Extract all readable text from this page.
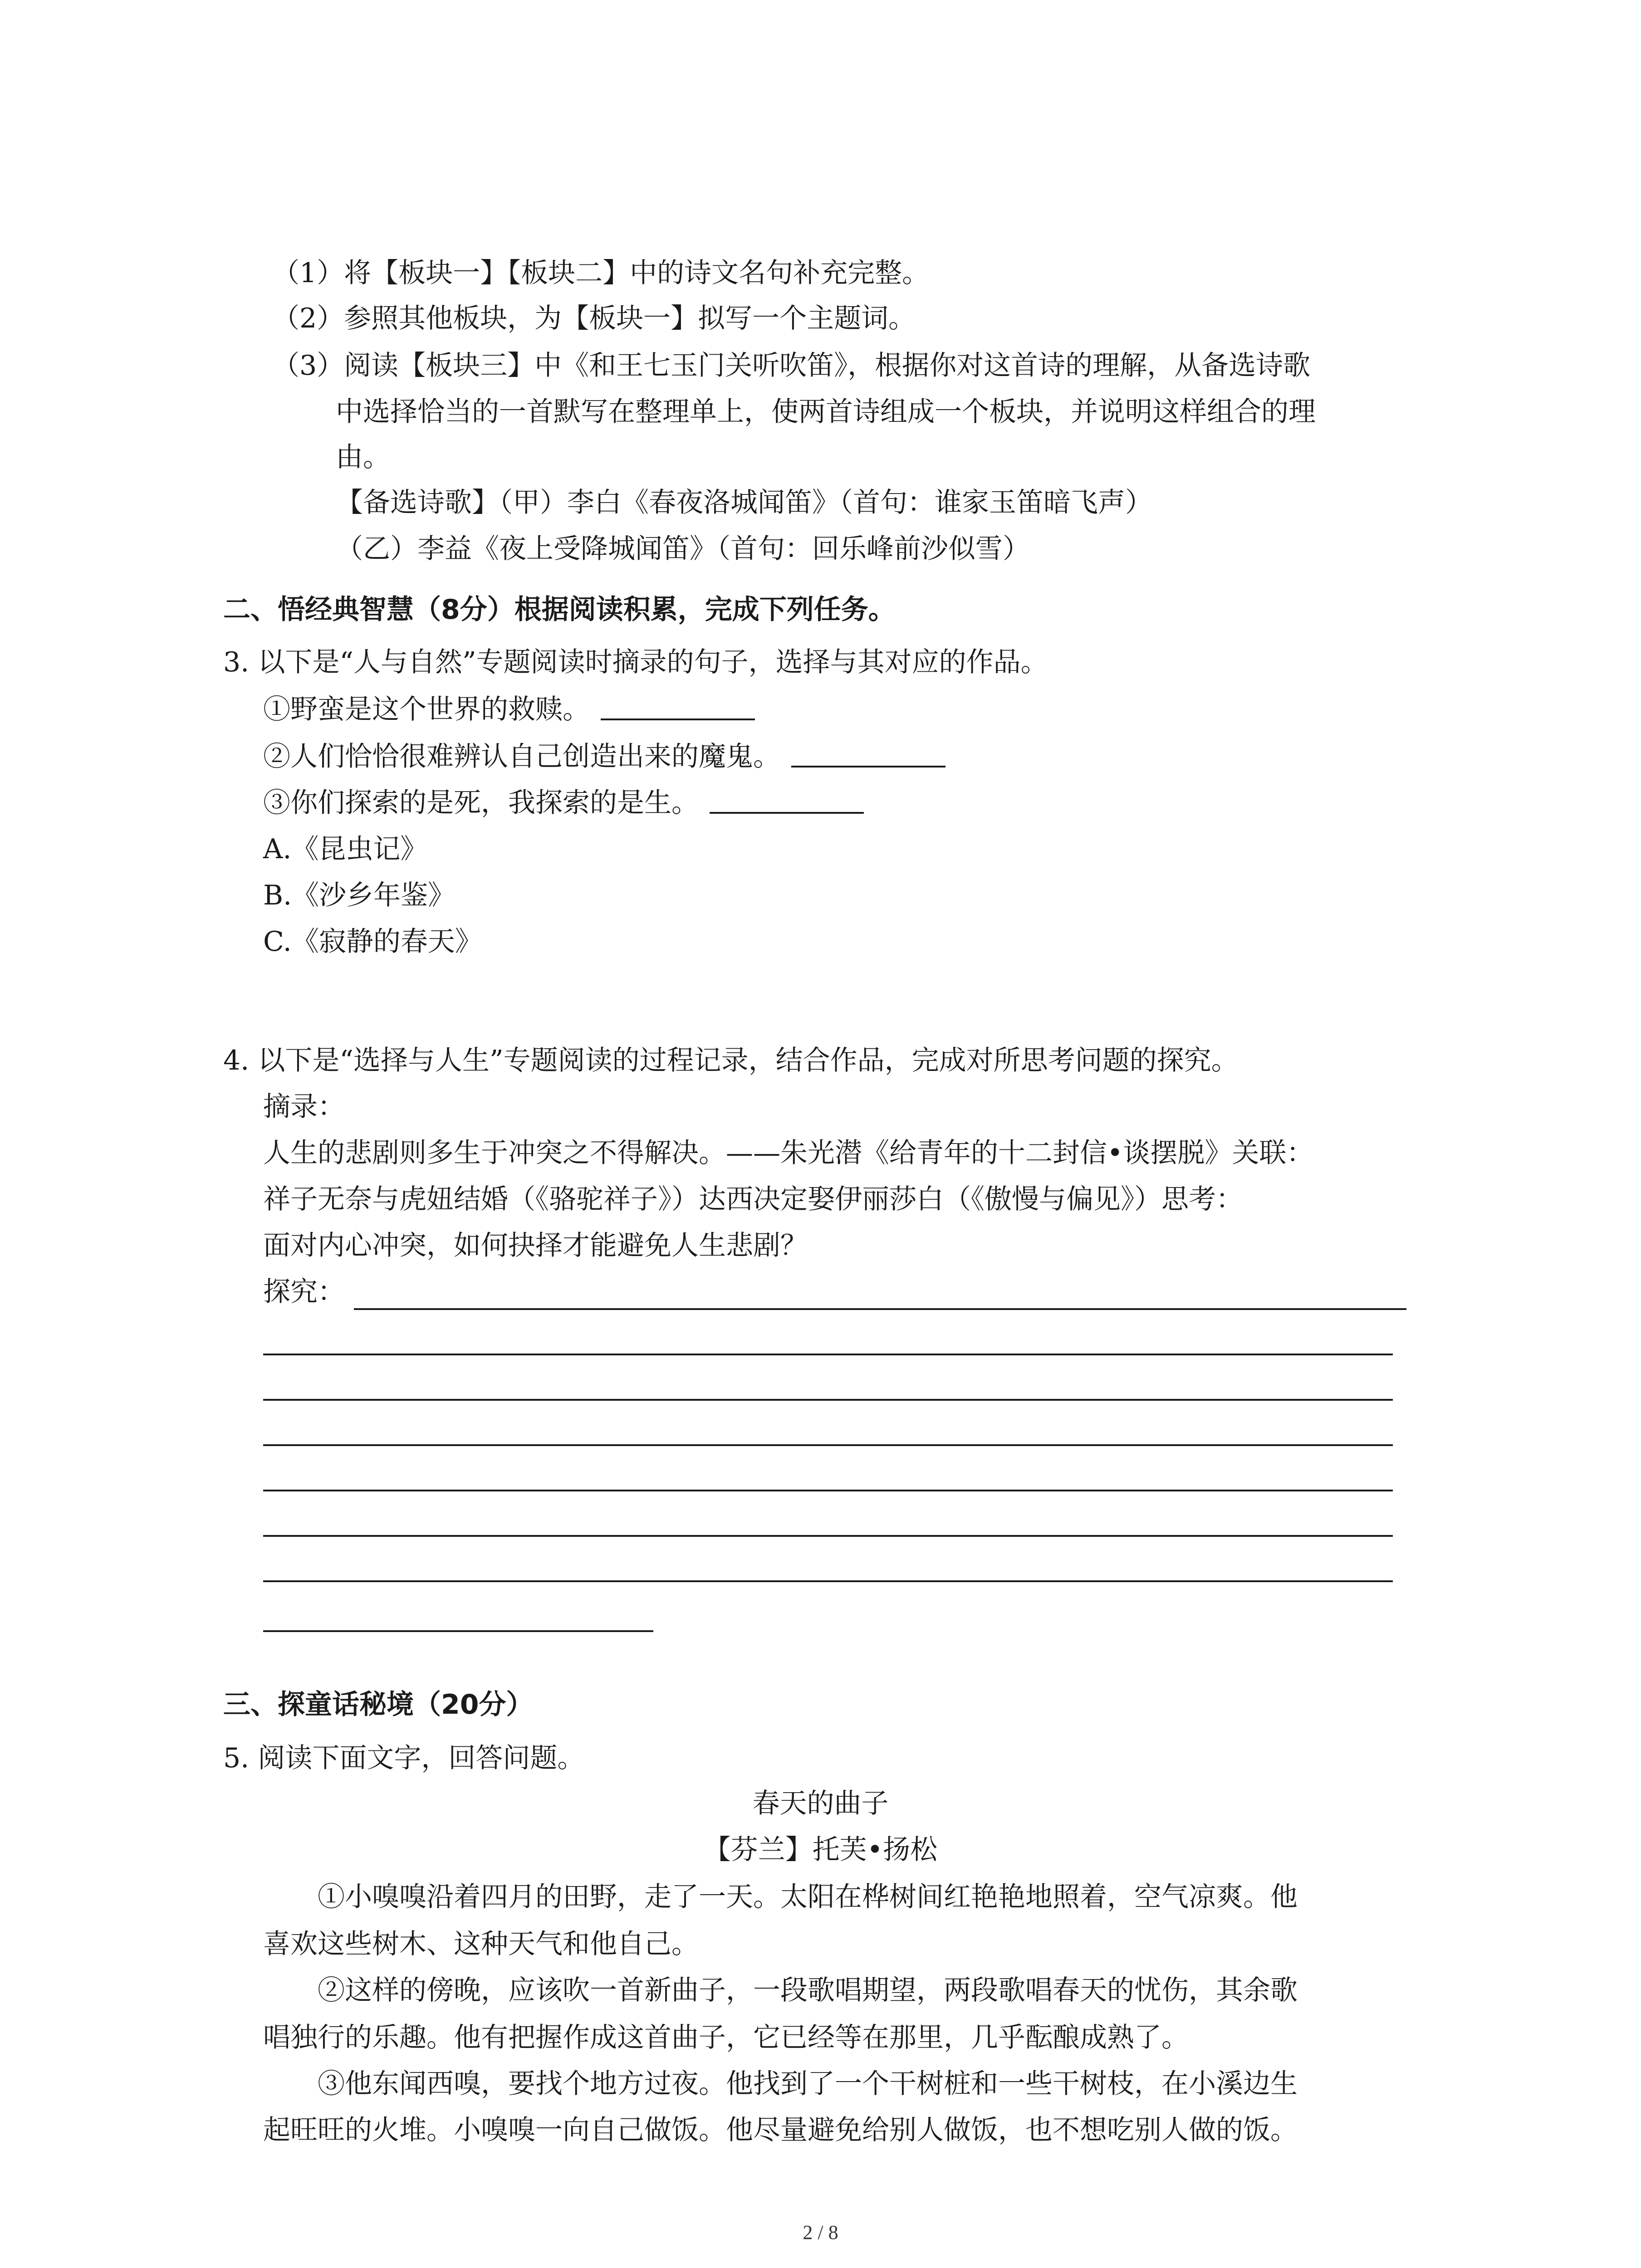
（1）将【板块一】【板块二】中的诗文名句补充完整。
（2）参照其他板块，为【板块一】拟写一个主题词。
（3）阅读【板块三】中《和王七玉门关听吹笛》，根据你对这首诗的理解，从备选诗歌
中选择恰当的一首默写在整理单上，使两首诗组成一个板块，并说明这样组合的理
由。
【备选诗歌】（甲）李白《春夜洛城闻笛》（首句：谁家玉笛暗飞声）
（乙）李益《夜上受降城闻笛》（首句：回乐峰前沙似雪）
二、悟经典智慧（8分）根据阅读积累，完成下列任务。
3. 以下是“人与自然”专题阅读时摘录的句子，选择与其对应的作品。
①野蛮是这个世界的救赎。
②人们恰恰很难辨认自己创造出来的魔鬼。
③你们探索的是死，我探索的是生。
A.《昆虫记》
B.《沙乡年鉴》
C.《寂静的春天》
4. 以下是“选择与人生”专题阅读的过程记录，结合作品，完成对所思考问题的探究。
摘录：
人生的悲剧则多生于冲突之不得解决。——朱光潜《给青年的十二封信•谈摆脱》关联：
祥子无奈与虎妞结婚（《骆驼祥子》）达西决定娶伊丽莎白（《傲慢与偏见》）思考：
面对内心冲突，如何抉择才能避免人生悲剧？
探究：
三、探童话秘境（20分）
5. 阅读下面文字，回答问题。
春天的曲子
【芬兰】托芙•扬松
①小嗅嗅沿着四月的田野，走了一天。太阳在桦树间红艳艳地照着，空气凉爽。他
喜欢这些树木、这种天气和他自己。
②这样的傍晚，应该吹一首新曲子，一段歌唱期望，两段歌唱春天的忧伤，其余歌
唱独行的乐趣。他有把握作成这首曲子，它已经等在那里，几乎酝酿成熟了。
③他东闻西嗅，要找个地方过夜。他找到了一个干树桩和一些干树枝，在小溪边生
起旺旺的火堆。小嗅嗅一向自己做饭。他尽量避免给别人做饭，也不想吃别人做的饭。
2 / 8
